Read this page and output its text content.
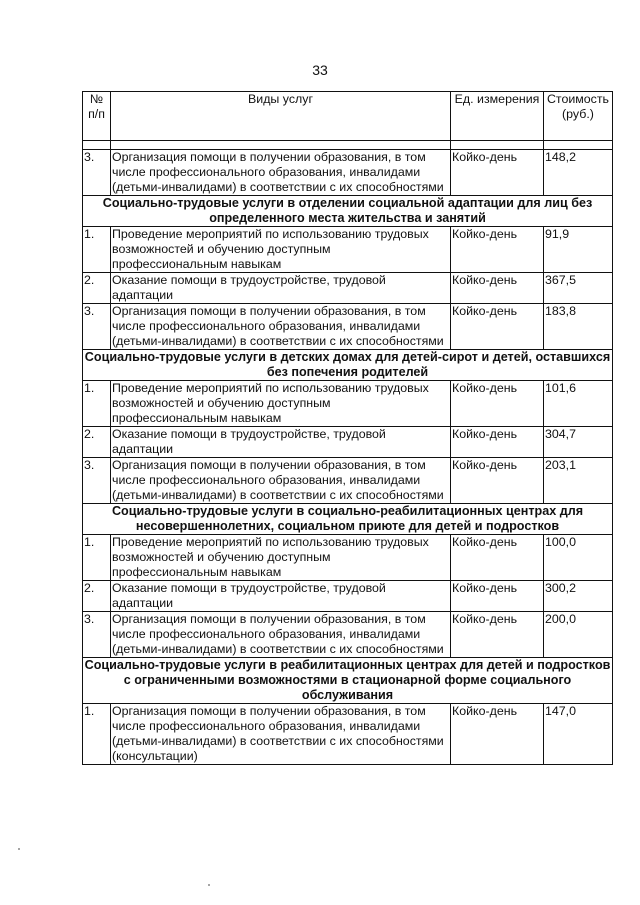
33
№ п/п	Виды услуг	Ед. измерения	Стоимость (руб.)

3.	Организация помощи в получении образования, в том числе профессионального образования, инвалидами (детьми-инвалидами) в соответствии с их способностями	Койко-день	148,2
Социально-трудовые услуги в отделении социальной адаптации для лиц без определенного места жительства и занятий			
1.	Проведение мероприятий по использованию трудовых возможностей и обучению доступным профессиональным навыкам	Койко-день	91,9
2.	Оказание помощи в трудоустройстве, трудовой адаптации	Койко-день	367,5
3.	Организация помощи в получении образования, в том числе профессионального образования, инвалидами (детьми-инвалидами) в соответствии с их способностями	Койко-день	183,8
Социально-трудовые услуги в детских домах для детей-сирот и детей, оставшихся без попечения родителей			
1.	Проведение мероприятий по использованию трудовых возможностей и обучению доступным профессиональным навыкам	Койко-день	101,6
2.	Оказание помощи в трудоустройстве, трудовой адаптации	Койко-день	304,7
3.	Организация помощи в получении образования, в том числе профессионального образования, инвалидами (детьми-инвалидами) в соответствии с их способностями	Койко-день	203,1
Социально-трудовые услуги в социально-реабилитационных центрах для несовершеннолетних, социальном приюте для детей и подростков			
1.	Проведение мероприятий по использованию трудовых возможностей и обучению доступным профессиональным навыкам	Койко-день	100,0
2.	Оказание помощи в трудоустройстве, трудовой адаптации	Койко-день	300,2
3.	Организация помощи в получении образования, в том числе профессионального образования, инвалидами (детьми-инвалидами) в соответствии с их способностями	Койко-день	200,0
Социально-трудовые услуги в реабилитационных центрах для детей и подростков с ограниченными возможностями в стационарной форме социального обслуживания			
1.	Организация помощи в получении образования, в том числе профессионального образования, инвалидами (детьми-инвалидами) в соответствии с их способностями (консультации)	Койко-день	147,0
